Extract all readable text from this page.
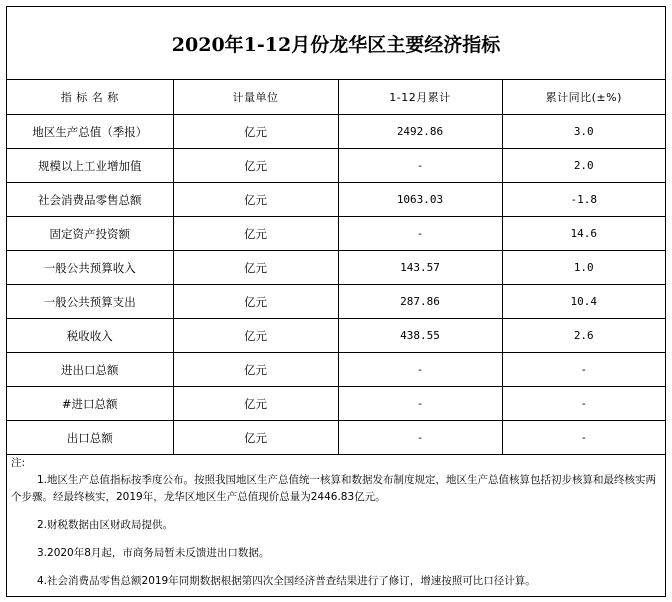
2020年1-12月份龙华区主要经济指标
指 标 名 称	计量单位	1-12月累计	累计同比(±%)
地区生产总值（季报）	亿元	2492.86	3.0
规模以上工业增加值	亿元	-	2.0
社会消费品零售总额	亿元	1063.03	-1.8
固定资产投资额	亿元	-	14.6
一般公共预算收入	亿元	143.57	1.0
一般公共预算支出	亿元	287.86	10.4
税收收入	亿元	438.55	2.6
进出口总额	亿元	-	-
#进口总额	亿元	-	-
出口总额	亿元	-	-
注:

1.地区生产总值指标按季度公布。按照我国地区生产总值统一核算和数据发布制度规定，地区生产总值核算包括初步核算和最终核实两个步骤。经最终核实，2019年，龙华区地区生产总值现价总量为2446.83亿元。

2.财税数据由区财政局提供。

3.2020年8月起，市商务局暂未反馈进出口数据。

4.社会消费品零售总额2019年同期数据根据第四次全国经济普查结果进行了修订，增速按照可比口径计算。
